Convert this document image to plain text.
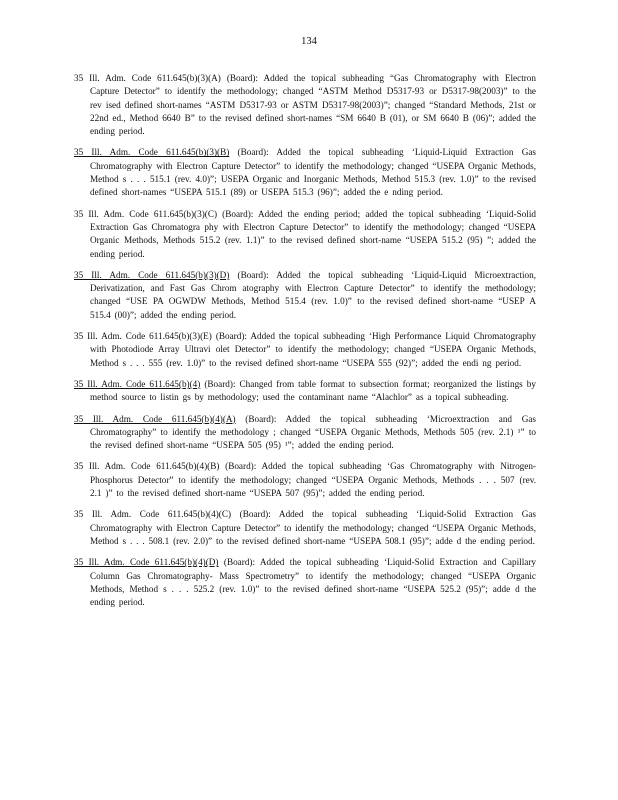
134

35 Ill. Adm. Code 611.645(b)(3)(A) (Board): Added the topical subheading “Gas Chromatography with Electron Capture Detector” to identify the methodology; changed “ASTM Method D5317-93 or D5317-98(2003)” to the rev ised defined short-names “ASTM D5317-93 or ASTM D5317-98(2003)”; changed “Standard Methods, 21st or 22nd ed., Method 6640 B” to the revised defined short-names “SM 6640 B (01), or SM 6640 B (06)”; added the ending period.

35 Ill. Adm. Code 611.645(b)(3)(B) (Board): Added the topical subheading ‘Liquid-Liquid Extraction Gas Chromatography with Electron Capture Detector” to identify the methodology; changed “USEPA Organic Methods, Method s . . . 515.1 (rev. 4.0)”; USEPA Organic and Inorganic Methods, Method 515.3 (rev. 1.0)” to the revised defined short-names “USEPA 515.1 (89) or USEPA 515.3 (96)”; added the e nding period.

35 Ill. Adm. Code 611.645(b)(3)(C) (Board): Added the ending period; added the topical subheading ‘Liquid-Solid Extraction Gas Chromatogra phy with Electron Capture Detector” to identify the methodology; changed “USEPA Organic Methods, Methods 515.2 (rev. 1.1)” to the revised defined short-name “USEPA 515.2 (95) ”; added the ending period.

35 Ill. Adm. Code 611.645(b)(3)(D) (Board): Added the topical subheading ‘Liquid-Liquid Microextraction, Derivatization, and Fast Gas Chrom atography with Electron Capture Detector” to identify the methodology; changed “USE PA OGWDW Methods, Method 515.4 (rev. 1.0)” to the revised defined short-name “USEP A 515.4 (00)”; added the ending period.

35 Ill. Adm. Code 611.645(b)(3)(E) (Board): Added the topical subheading ‘High Performance Liquid Chromatography with Photodiode Array Ultravi olet Detector” to identify the methodology; changed “USEPA Organic Methods, Method s . . . 555 (rev. 1.0)” to the revised defined short-name “USEPA 555 (92)”; added the endi ng period.

35 Ill. Adm. Code 611.645(b)(4) (Board): Changed from table format to subsection format; reorganized the listings by method source to listin gs by methodology; used the contaminant name “Alachlor” as a topical subheading.

35 Ill. Adm. Code 611.645(b)(4)(A) (Board): Added the topical subheading ‘Microextraction and Gas Chromatography” to identify the methodology ; changed “USEPA Organic Methods, Methods 505 (rev. 2.1) ¹” to the revised defined short-name “USEPA 505 (95) ¹”; added the ending period.

35 Ill. Adm. Code 611.645(b)(4)(B) (Board): Added the topical subheading ‘Gas Chromatography with Nitrogen-Phosphorus Detector” to identify the methodology; changed “USEPA Organic Methods, Methods . . . 507 (rev. 2.1 )” to the revised defined short-name “USEPA 507 (95)”; added the ending period.

35 Ill. Adm. Code 611.645(b)(4)(C) (Board): Added the topical subheading ‘Liquid-Solid Extraction Gas Chromatography with Electron Capture Detector” to identify the methodology; changed “USEPA Organic Methods, Method s . . . 508.1 (rev. 2.0)” to the revised defined short-name “USEPA 508.1 (95)”; adde d the ending period.

35 Ill. Adm. Code 611.645(b)(4)(D) (Board): Added the topical subheading ‘Liquid-Solid Extraction and Capillary Column Gas Chromatography- Mass Spectrometry” to identify the methodology; changed “USEPA Organic Methods, Method s . . . 525.2 (rev. 1.0)” to the revised defined short-name “USEPA 525.2 (95)”; adde d the ending period.
